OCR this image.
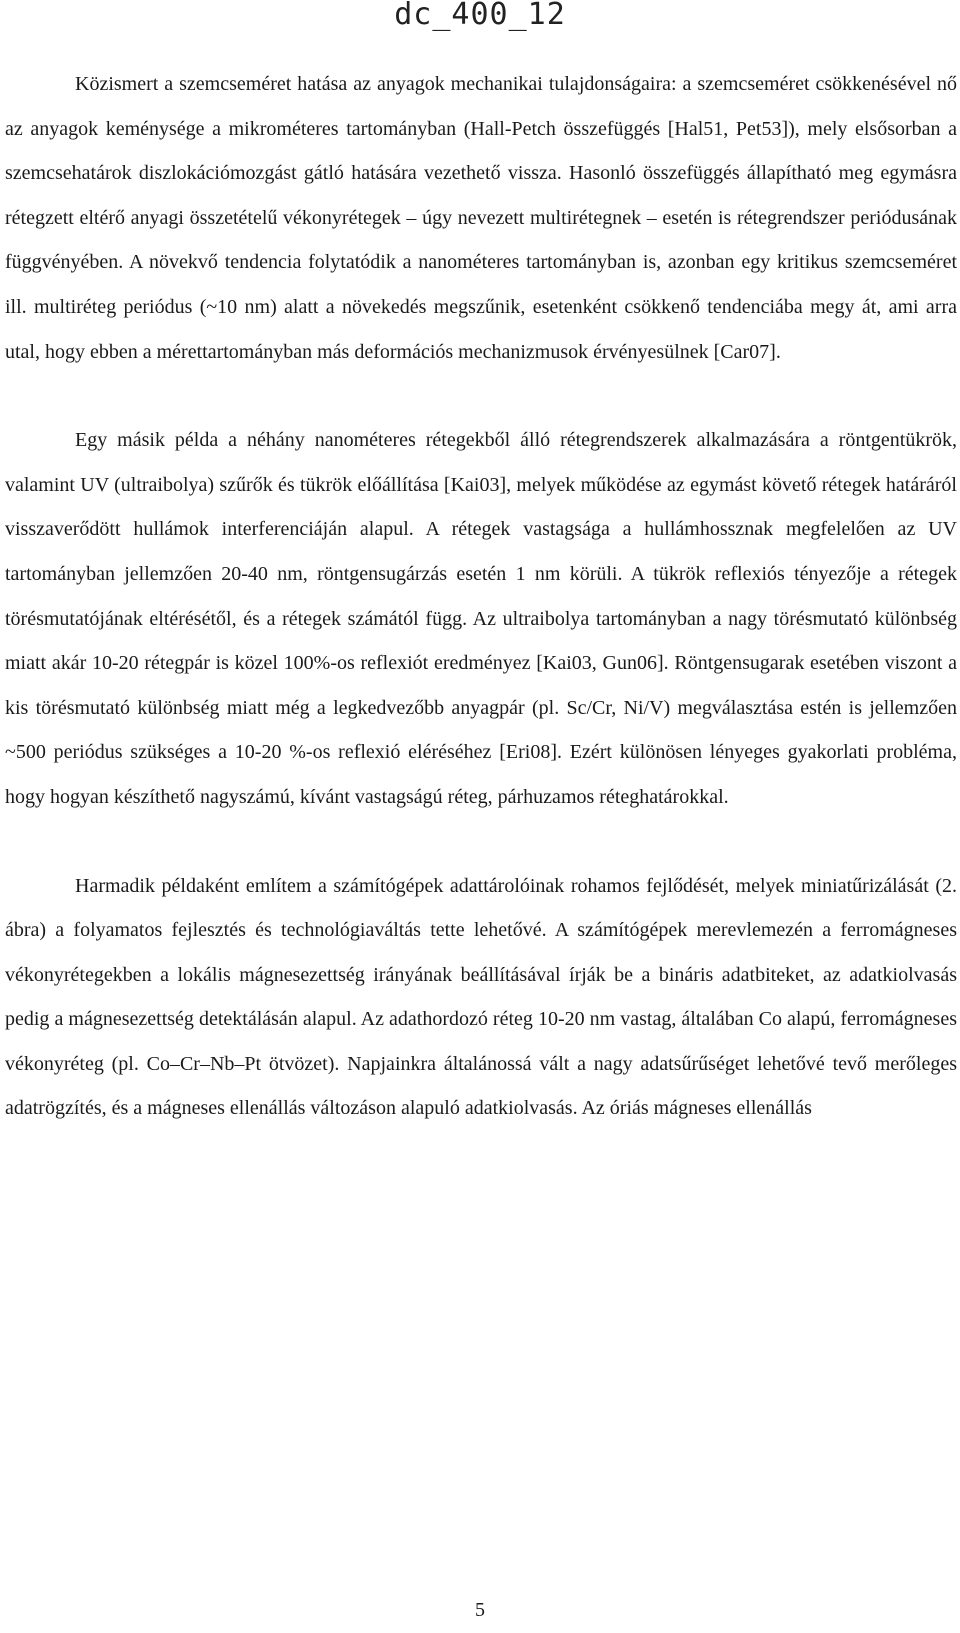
dc_400_12

Közismert a szemcseméret hatása az anyagok mechanikai tulajdonságaira: a szemcseméret csökkenésével nő az anyagok keménysége a mikrométeres tartományban (Hall-Petch összefüggés [Hal51, Pet53]), mely elsősorban a szemcsehatárok diszlokációmozgást gátló hatására vezethető vissza. Hasonló összefüggés állapítható meg egymásra rétegzett eltérő anyagi összetételű vékonyrétegek – úgy nevezett multirétegnek – esetén is rétegrendszer periódusának függvényében. A növekvő tendencia folytatódik a nanométeres tartományban is, azonban egy kritikus szemcseméret ill. multiréteg periódus (~10 nm) alatt a növekedés megszűnik, esetenként csökkenő tendenciába megy át, ami arra utal, hogy ebben a mérettartományban más deformációs mechanizmusok érvényesülnek [Car07].

Egy másik példa a néhány nanométeres rétegekből álló rétegrendszerek alkalmazására a röntgentükrök, valamint UV (ultraibolya) szűrők és tükrök előállítása [Kai03], melyek működése az egymást követő rétegek határáról visszaverődött hullámok interferenciáján alapul. A rétegek vastagsága a hullámhossznak megfelelően az UV tartományban jellemzően 20-40 nm, röntgensugárzás esetén 1 nm körüli. A tükrök reflexiós tényezője a rétegek törésmutatójának eltérésétől, és a rétegek számától függ. Az ultraibolya tartományban a nagy törésmutató különbség miatt akár 10-20 rétegpár is közel 100%-os reflexiót eredményez [Kai03, Gun06]. Röntgensugarak esetében viszont a kis törésmutató különbség miatt még a legkedvezőbb anyagpár (pl. Sc/Cr, Ni/V) megválasztása estén is jellemzően ~500 periódus szükséges a 10-20 %-os reflexió eléréséhez [Eri08]. Ezért különösen lényeges gyakorlati probléma, hogy hogyan készíthető nagyszámú, kívánt vastagságú réteg, párhuzamos réteghatárokkal.

Harmadik példaként említem a számítógépek adattárolóinak rohamos fejlődését, melyek miniatűrizálását (2. ábra) a folyamatos fejlesztés és technológiaváltás tette lehetővé. A számítógépek merevlemezén a ferromágneses vékonyrétegekben a lokális mágnesezettség irányának beállításával írják be a bináris adatbiteket, az adatkiolvasás pedig a mágnesezettség detektálásán alapul. Az adathordozó réteg 10-20 nm vastag, általában Co alapú, ferromágneses vékonyréteg (pl. Co–Cr–Nb–Pt ötvözet). Napjainkra általánossá vált a nagy adatsűrűséget lehetővé tevő merőleges adatrögzítés, és a mágneses ellenállás változáson alapuló adatkiolvasás. Az óriás mágneses ellenállás

5
